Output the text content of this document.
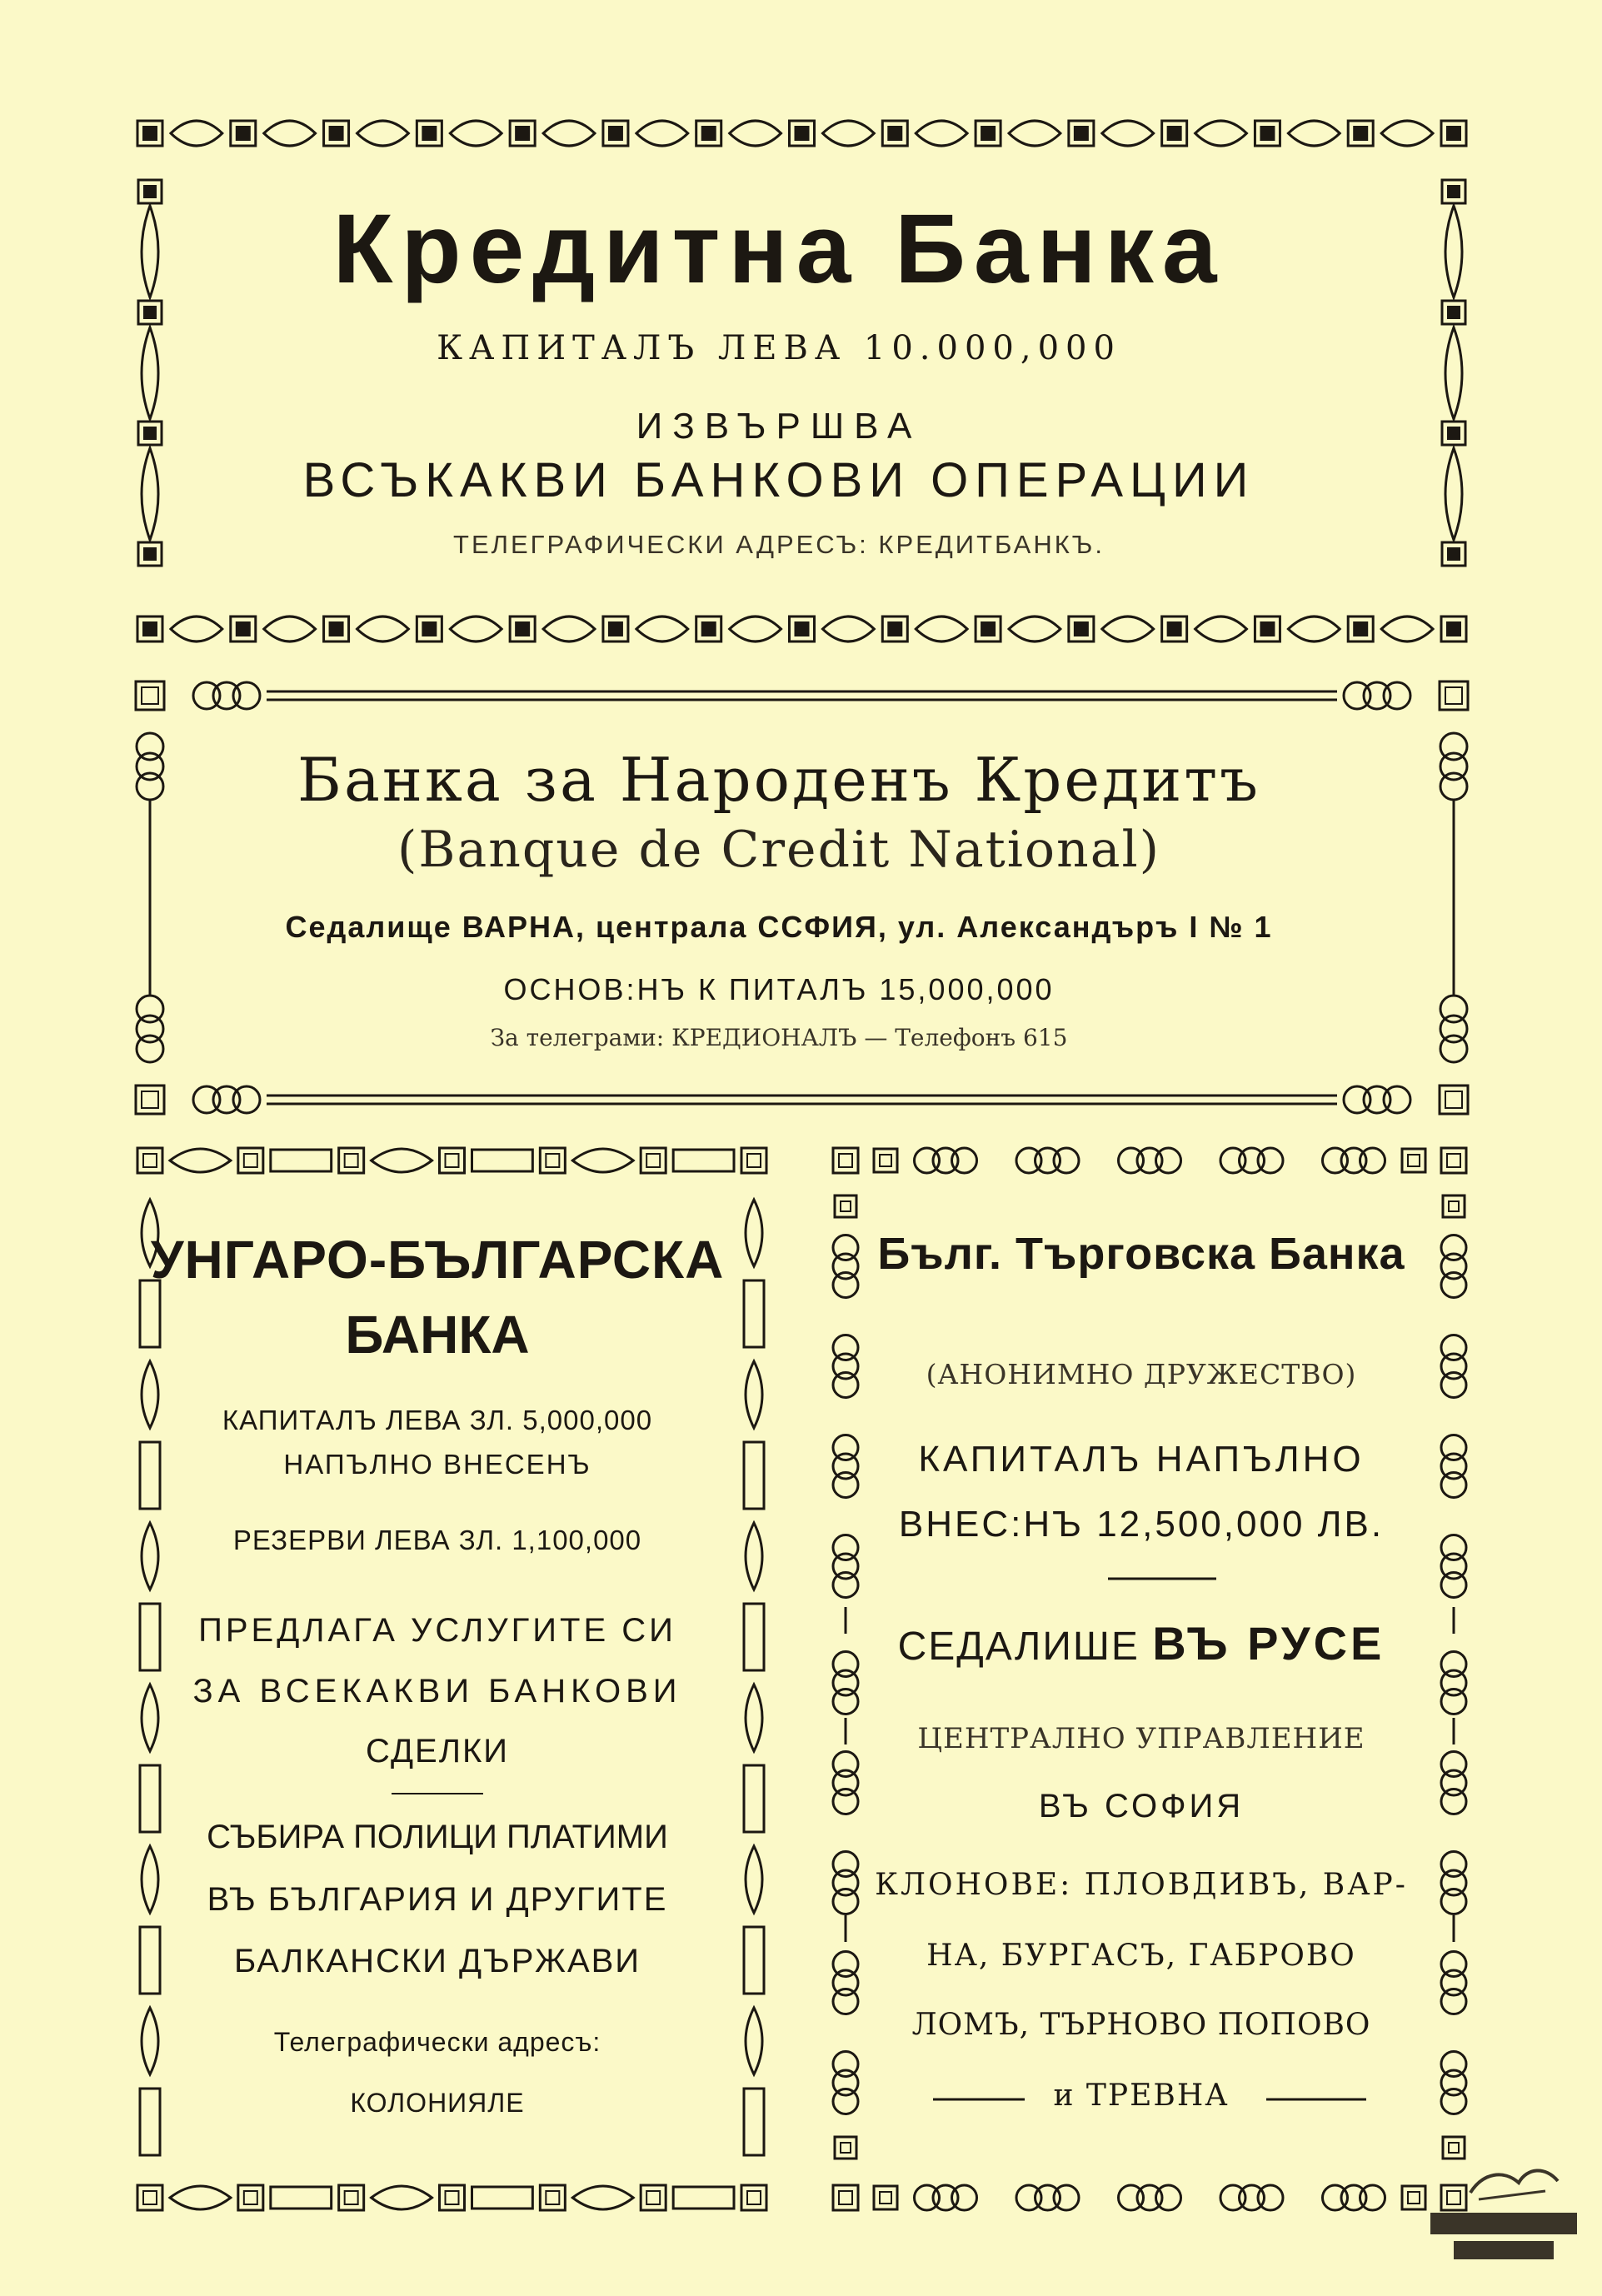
Кредитна Банка
КАПИТАЛЪ ЛЕВА 10.000,000
ИЗВЪРШВА
ВСЪКАКВИ БАНКОВИ ОПЕРАЦИИ
ТЕЛЕГРАФИЧЕСКИ АДРЕСЪ: КРЕДИТБАНКЪ.
Банка за Народенъ Кредитъ
(Banque de Credit National)
Седалище ВАРНА, централа ССФИЯ, ул. Александъръ I № 1
ОСНОВ:НЪ К ПИТАЛЪ 15,000,000
За телеграми: КРЕДИОНАЛЪ — Телефонъ 615
УНГАРО-БЪЛГАРСКА
БАНКА
КАПИТАЛЪ ЛЕВА ЗЛ. 5,000,000
НАПЪЛНО ВНЕСЕНЪ
РЕЗЕРВИ ЛЕВА ЗЛ. 1,100,000
ПРЕДЛАГА УСЛУГИТЕ СИ
ЗА ВСЕКАКВИ БАНКОВИ
СДЕЛКИ
СЪБИРА ПОЛИЦИ ПЛАТИМИ
ВЪ БЪЛГАРИЯ И ДРУГИТЕ
БАЛКАНСКИ ДЪРЖАВИ
Телеграфически адресъ:
КОЛОНИЯЛЕ
Бълг. Търговска Банка
(АНОНИМНО ДРУЖЕСТВО)
КАПИТАЛЪ НАПЪЛНО
ВНЕС:НЪ 12,500,000 ЛВ.
СЕДАЛИШЕ ВЪ РУСЕ
ЦЕНТРАЛНО УПРАВЛЕНИЕ
ВЪ СОФИЯ
КЛОНОВЕ: ПЛОВДИВЪ, ВАР-
НА, БУРГАСЪ, ГАБРОВО
ЛОМЪ, ТЪРНОВО ПОПОВО
и ТРЕВНА
